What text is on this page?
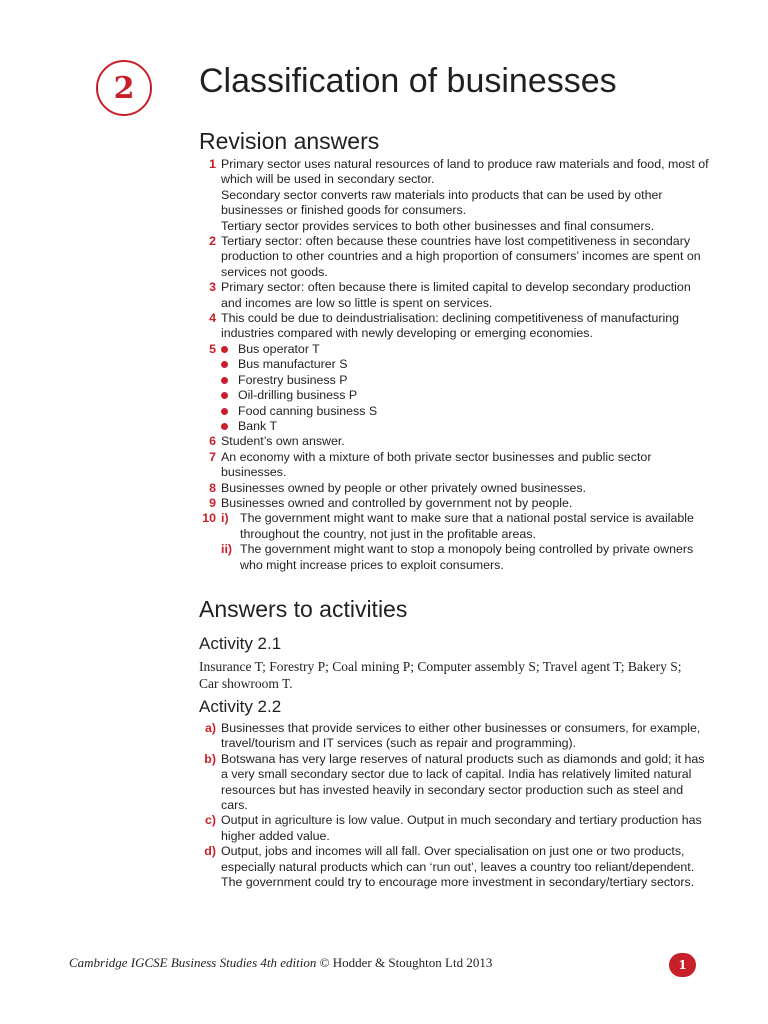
2 Classification of businesses
Revision answers
1 Primary sector uses natural resources of land to produce raw materials and food, most of which will be used in secondary sector.
Secondary sector converts raw materials into products that can be used by other businesses or finished goods for consumers.
Tertiary sector provides services to both other businesses and final consumers.
2 Tertiary sector: often because these countries have lost competitiveness in secondary production to other countries and a high proportion of consumers’ incomes are spent on services not goods.
3 Primary sector: often because there is limited capital to develop secondary production and incomes are low so little is spent on services.
4 This could be due to deindustrialisation: declining competitiveness of manufacturing industries compared with newly developing or emerging economies.
5	Bus operator T
Bus manufacturer S
Forestry business P
Oil-drilling business P
Food canning business S
Bank T
6 Student’s own answer.
7 An economy with a mixture of both private sector businesses and public sector businesses.
8 Businesses owned by people or other privately owned businesses.
9 Businesses owned and controlled by government not by people.
10 i) The government might want to make sure that a national postal service is available throughout the country, not just in the profitable areas.
ii) The government might want to stop a monopoly being controlled by private owners who might increase prices to exploit consumers.
Answers to activities
Activity 2.1
Insurance T; Forestry P; Coal mining P; Computer assembly S; Travel agent T; Bakery S; Car showroom T.
Activity 2.2
a) Businesses that provide services to either other businesses or consumers, for example, travel/tourism and IT services (such as repair and programming).
b) Botswana has very large reserves of natural products such as diamonds and gold; it has a very small secondary sector due to lack of capital. India has relatively limited natural resources but has invested heavily in secondary sector production such as steel and cars.
c) Output in agriculture is low value. Output in much secondary and tertiary production has higher added value.
d) Output, jobs and incomes will all fall. Over specialisation on just one or two products, especially natural products which can ‘run out’, leaves a country too reliant/dependent. The government could try to encourage more investment in secondary/tertiary sectors.
Cambridge IGCSE Business Studies 4th edition © Hodder & Stoughton Ltd 2013	1
